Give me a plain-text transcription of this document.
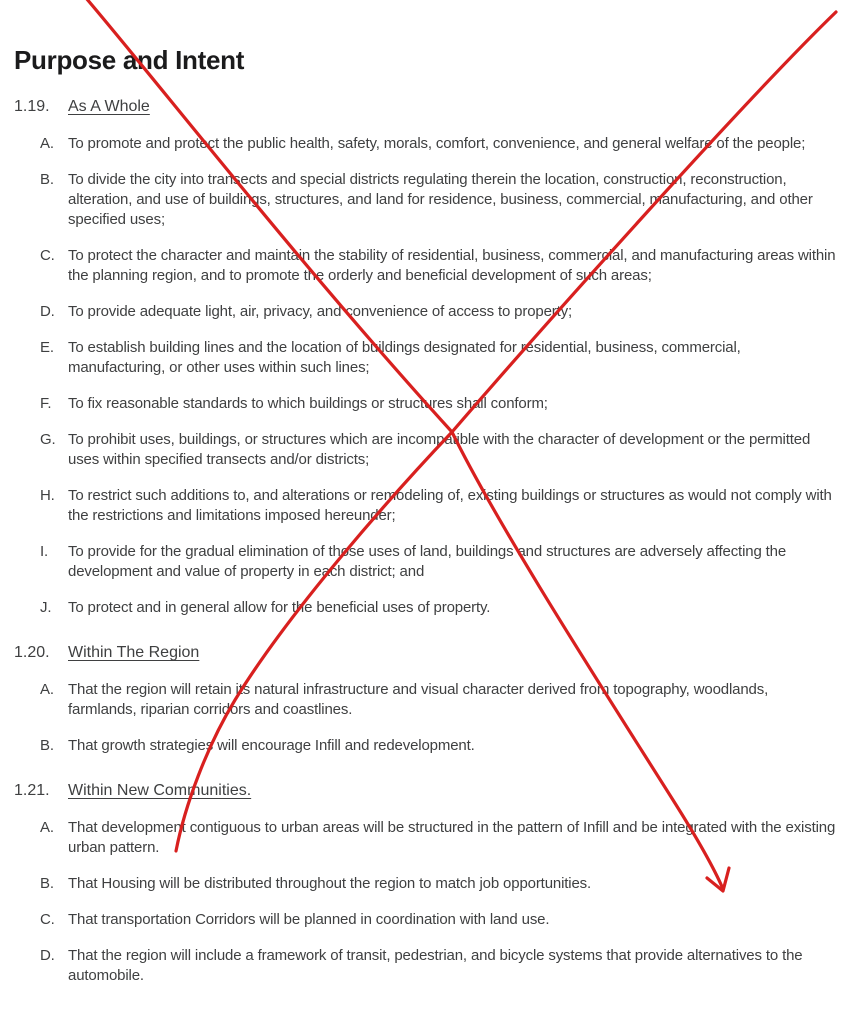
Purpose and Intent
1.19.	As A Whole
A. To promote and protect the public health, safety, morals, comfort, convenience, and general welfare of the people;
B. To divide the city into transects and special districts regulating therein the location, construction, reconstruction, alteration, and use of buildings, structures, and land for residence, business, commercial, manufacturing, and other specified uses;
C. To protect the character and maintain the stability of residential, business, commercial, and manufacturing areas within the planning region, and to promote the orderly and beneficial development of such areas;
D. To provide adequate light, air, privacy, and convenience of access to property;
E. To establish building lines and the location of buildings designated for residential, business, commercial, manufacturing, or other uses within such lines;
F.	To fix reasonable standards to which buildings or structures shall conform;
G. To prohibit uses, buildings, or structures which are incompatible with the character of development or the permitted uses within specified transects and/or districts;
H. To restrict such additions to, and alterations or remodeling of, existing buildings or structures as would not comply with the restrictions and limitations imposed hereunder;
I.	To provide for the gradual elimination of those uses of land, buildings and structures are adversely affecting the development and value of property in each district; and
J.	To protect and in general allow for the beneficial uses of property.
1.20.	Within The Region
A. That the region will retain its natural infrastructure and visual character derived from topography, woodlands, farmlands, riparian corridors and coastlines.
B. That growth strategies will encourage Infill and redevelopment.
1.21.	Within New Communities.
A. That development contiguous to urban areas will be structured in the pattern of Infill and be integrated with the existing urban pattern.
B. That Housing will be distributed throughout the region to match job opportunities.
C. That transportation Corridors will be planned in coordination with land use.
D. That the region will include a framework of transit, pedestrian, and bicycle systems that provide alternatives to the automobile.
